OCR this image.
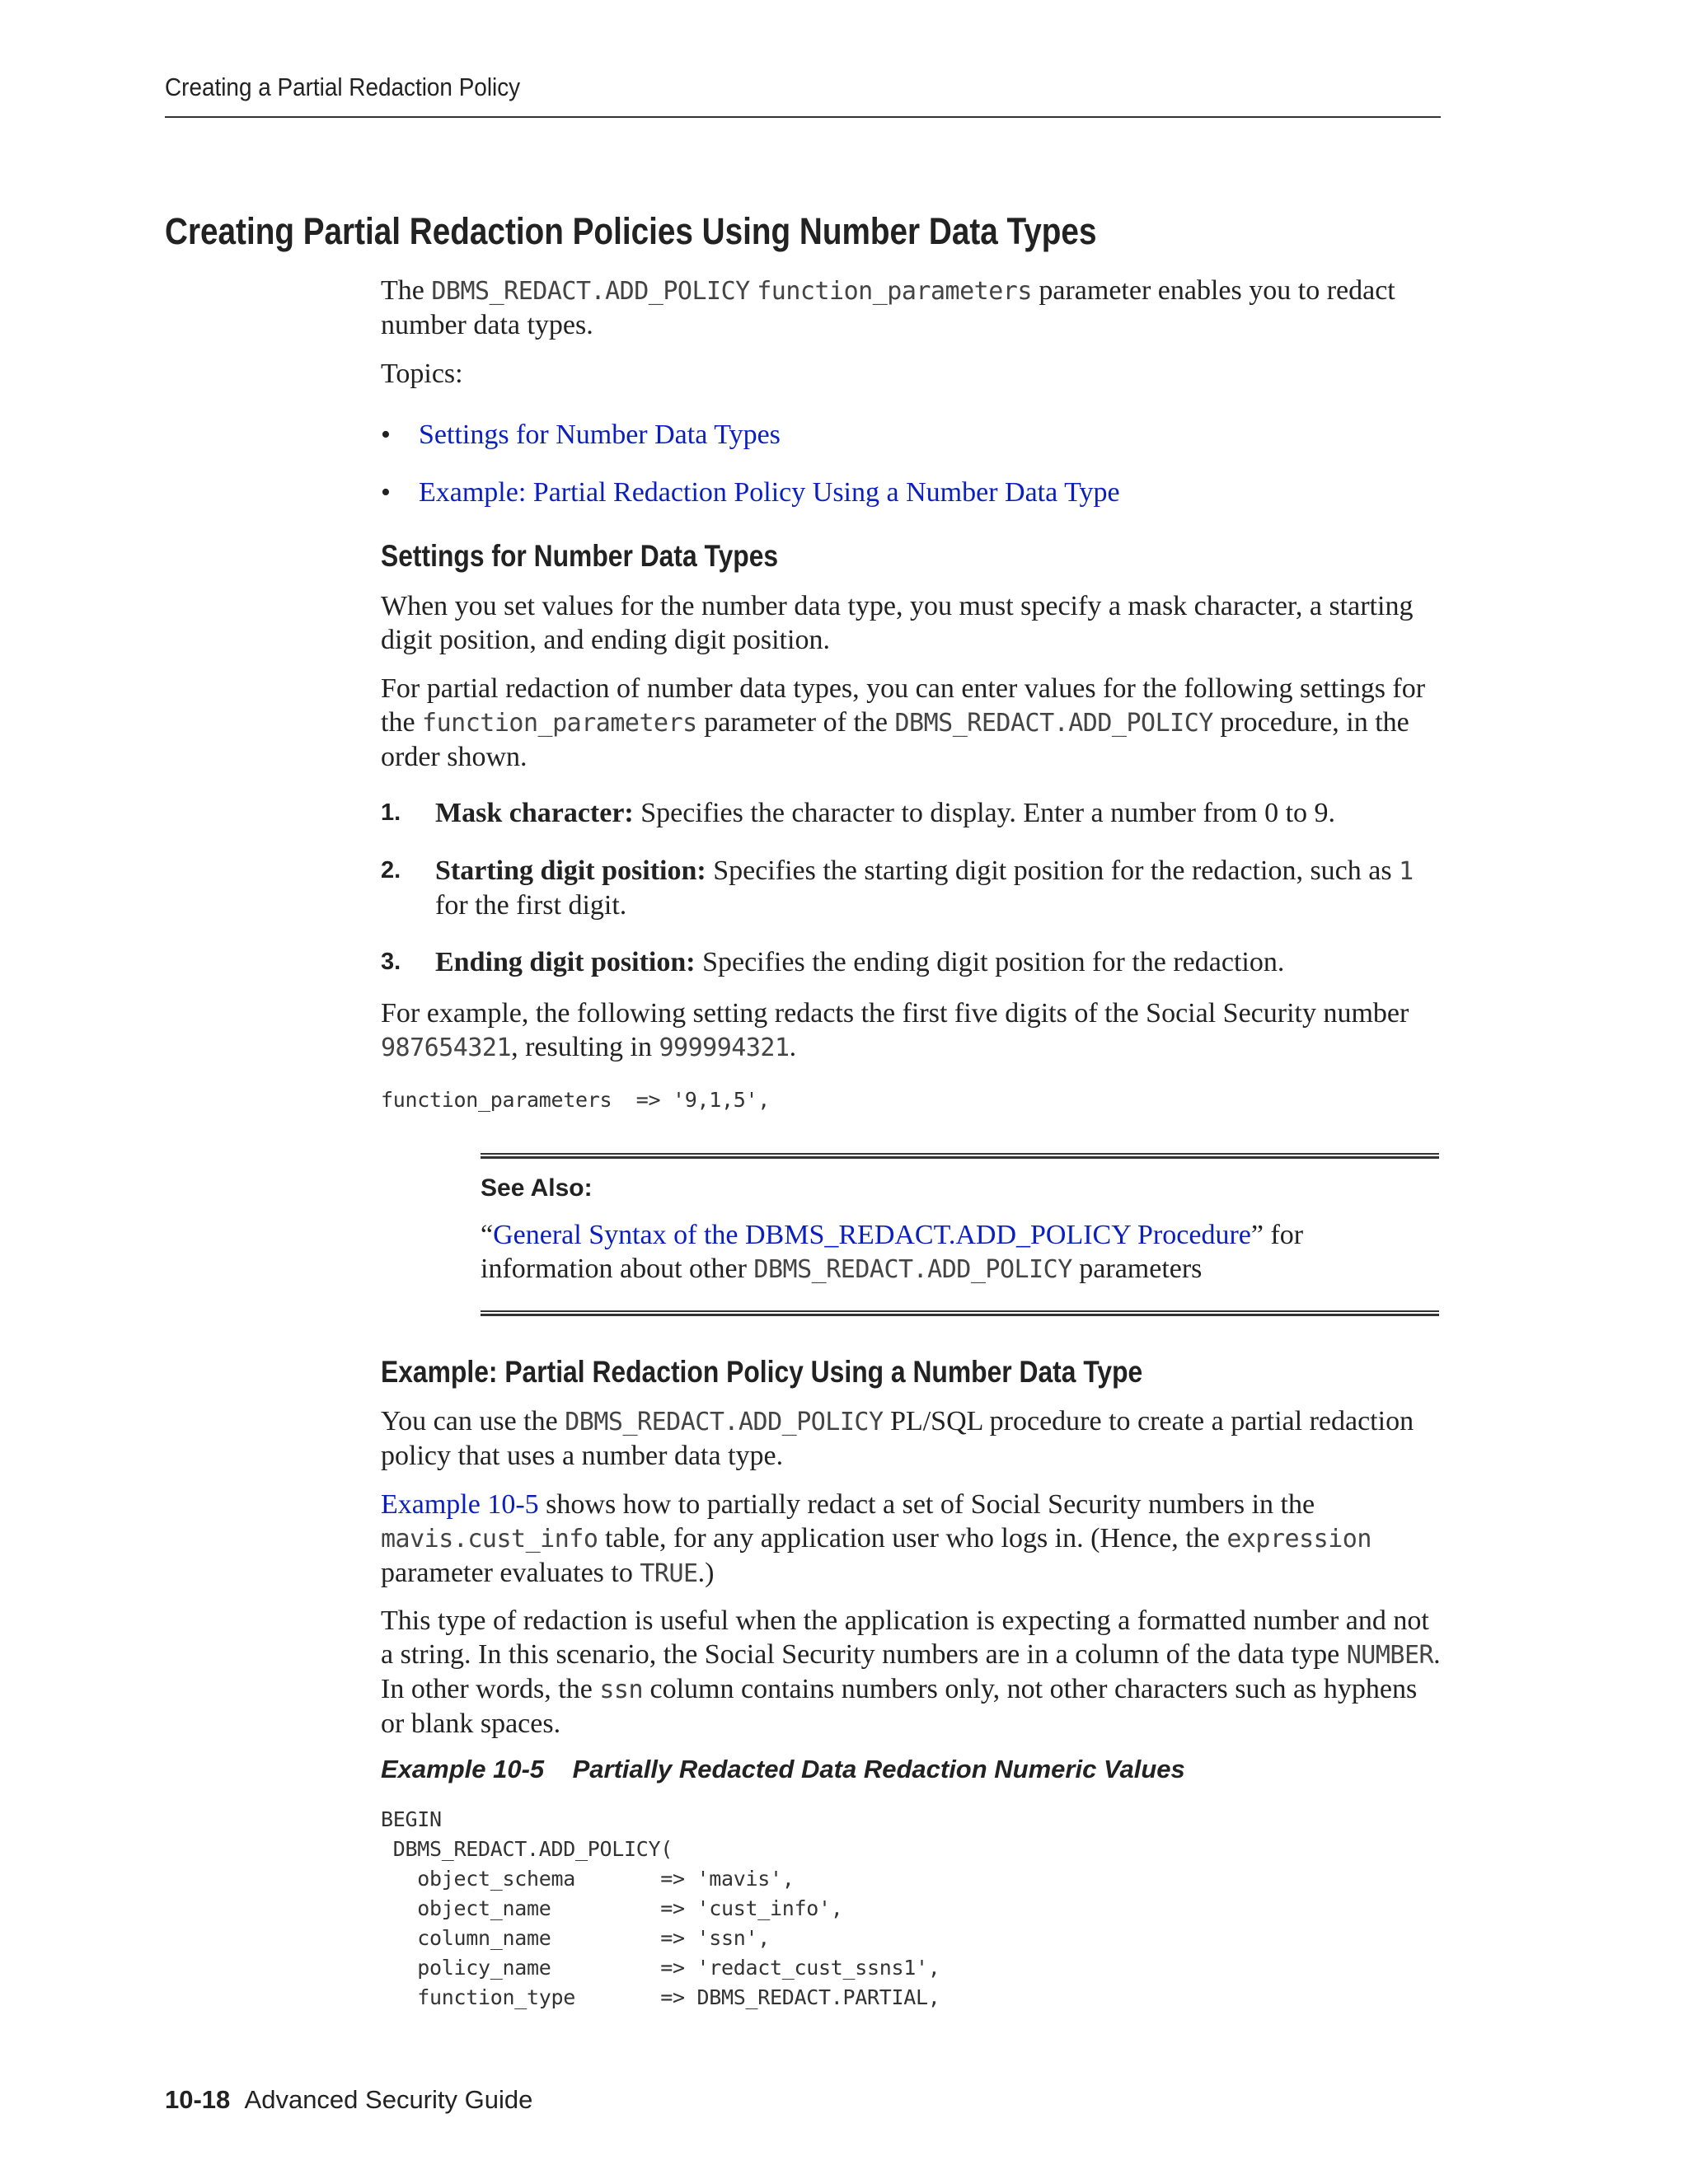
Creating a Partial Redaction Policy
Creating Partial Redaction Policies Using Number Data Types

The DBMS_REDACT.ADD_POLICY function_parameters parameter enables you to redact number data types.

Topics:

• Settings for Number Data Types
• Example: Partial Redaction Policy Using a Number Data Type
Settings for Number Data Types

When you set values for the number data type, you must specify a mask character, a starting digit position, and ending digit position.

For partial redaction of number data types, you can enter values for the following settings for the function_parameters parameter of the DBMS_REDACT.ADD_POLICY procedure, in the order shown.

1. Mask character: Specifies the character to display. Enter a number from 0 to 9.
2. Starting digit position: Specifies the starting digit position for the redaction, such as 1 for the first digit.
3. Ending digit position: Specifies the ending digit position for the redaction.

For example, the following setting redacts the first five digits of the Social Security number 987654321, resulting in 999994321.

function_parameters  => '9,1,5',
See Also:
“General Syntax of the DBMS_REDACT.ADD_POLICY Procedure” for information about other DBMS_REDACT.ADD_POLICY parameters
Example: Partial Redaction Policy Using a Number Data Type

You can use the DBMS_REDACT.ADD_POLICY PL/SQL procedure to create a partial redaction policy that uses a number data type.

Example 10-5 shows how to partially redact a set of Social Security numbers in the mavis.cust_info table, for any application user who logs in. (Hence, the expression parameter evaluates to TRUE.)

This type of redaction is useful when the application is expecting a formatted number and not a string. In this scenario, the Social Security numbers are in a column of the data type NUMBER. In other words, the ssn column contains numbers only, not other characters such as hyphens or blank spaces.

Example 10-5    Partially Redacted Data Redaction Numeric Values
BEGIN
DBMS_REDACT.ADD_POLICY(
object_schema       => 'mavis',
object_name         => 'cust_info',
column_name         => 'ssn',
policy_name         => 'redact_cust_ssns1',
function_type       => DBMS_REDACT.PARTIAL,
10-18 Advanced Security Guide
